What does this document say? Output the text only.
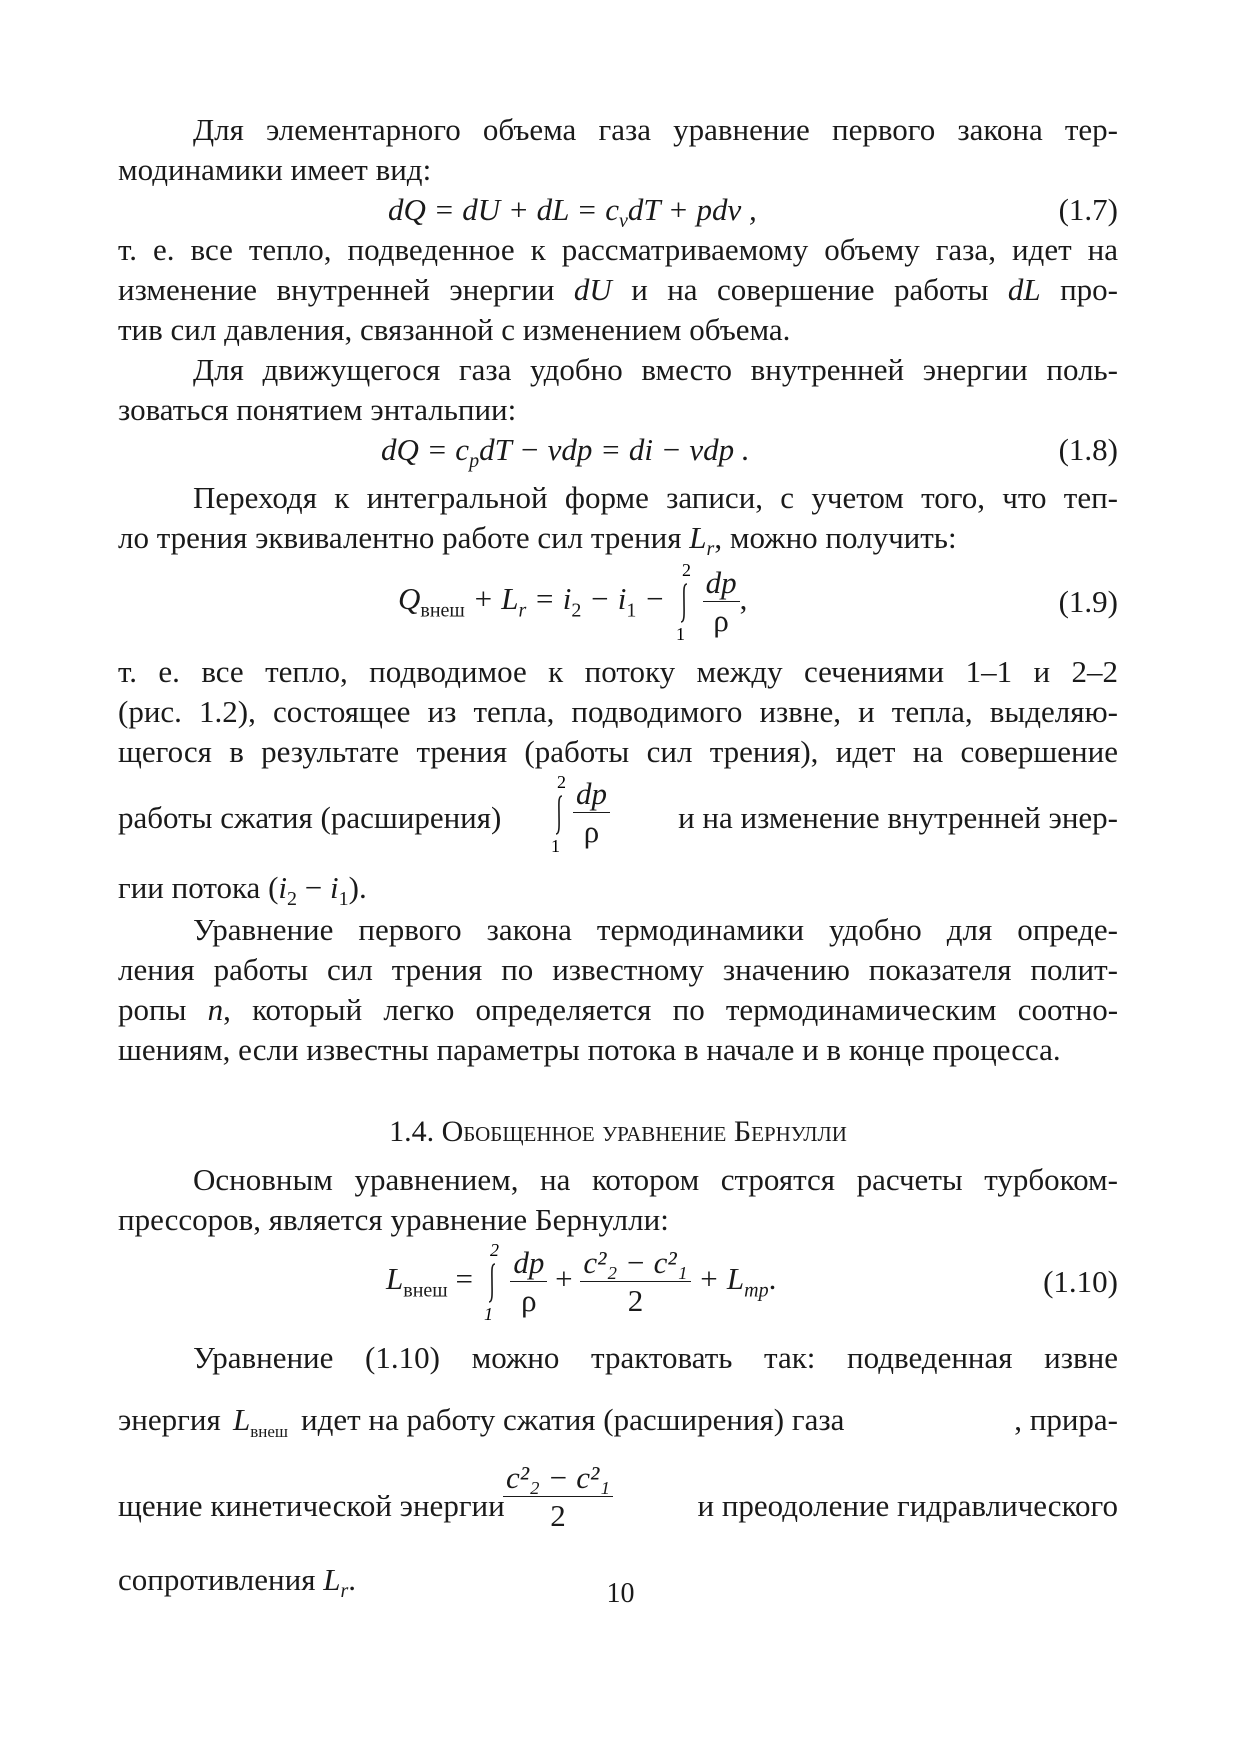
Для элементарного объема газа уравнение первого закона тер-

модинамики имеет вид:

dQ = dU + dL = $c_vdT$ + pdv ,	(1.7)

т. е. все тепло, подведенное к рассматриваемому объему газа, идет на

изменение внутренней энергии dU и на совершение работы dL про-

тив сил давления, связанной с изменением объема.

Для движущегося газа удобно вместо внутренней энергии поль-

зоваться понятием энтальпии:

dQ = $c_pdT$ − vdp = di − vdp .	(1.8)

Переходя к интегральной форме записи, с учетом того, что теп-

ло трения эквивалентно работе сил трения $L_r$, можно получить:

$Q_{внеш} + L_r = i_2 - i_1$ −
2
1
$\frac{dp}{\rho}$ ,	(1.9)

т. е. все тепло, подводимое к потоку между сечениями 1–1 и 2–2

(рис. 1.2), состоящее из тепла, подводимого извне, и тепла, выделяю-

щегося в результате трения (работы сил трения), идет на совершение

работы сжатия (расширения)
2
$1 \frac{dp}{\rho}$ и на изменение внутренней энер-

гии потока $(i_2 - i_1)$.

Уравнение первого закона термодинамики удобно для опреде-

ления работы сил трения по известному значению показателя полит-

ропы n, который легко определяется по термодинамическим соотно-

шениям, если известны параметры потока в начале и в конце процесса.

1.4. Обобщенное уравнение Бернулли

Основным уравнением, на котором строятся расчеты турбоком-

прессоров, является уравнение Бернулли:

$L_{внеш}$ =
2
1
$\frac{dp}{\rho} + \frac{\text{c²₂ − c²₁}}{2} + L_{тр}$.	(1.10)

Уравнение (1.10) можно трактовать так: подведенная извне

энергия $L_{внеш}$ идет на работу сжатия (расширения) газа	, прира-
щение кинетической энергии
$\frac{\text{c²₂ − c²₁}}{2}$	и преодоление гидравлического

сопротивления $L_r$.	10
